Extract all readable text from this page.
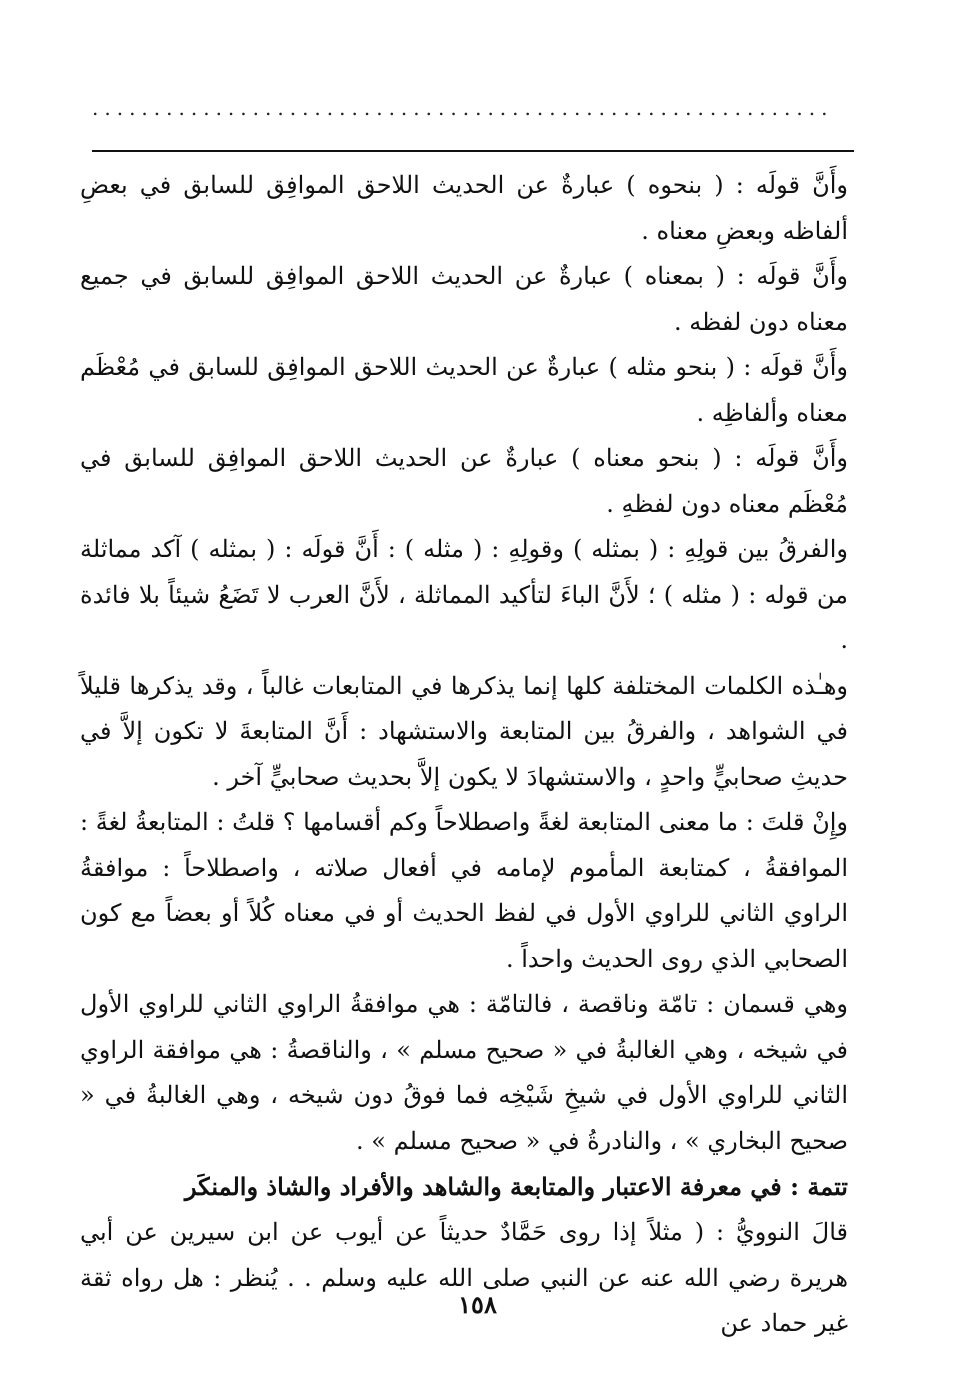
............................................................

وأَنَّ قولَه : ( بنحوه ) عبارةٌ عن الحديث اللاحق الموافِق للسابق في بعضِ ألفاظه وبعضِ معناه .

وأَنَّ قولَه : ( بمعناه ) عبارةٌ عن الحديث اللاحق الموافِق للسابق في جميع معناه دون لفظه .

وأَنَّ قولَه : ( بنحو مثله ) عبارةٌ عن الحديث اللاحق الموافِق للسابق في مُعْظَم معناه وألفاظِه .

وأَنَّ قولَه : ( بنحو معناه ) عبارةٌ عن الحديث اللاحق الموافِق للسابق في مُعْظَم معناه دون لفظهِ .

والفرقُ بين قولِهِ : ( بمثله ) وقولِهِ : ( مثله ) : أَنَّ قولَه : ( بمثله ) آكد مماثلة من قوله : ( مثله ) ؛ لأَنَّ الباءَ لتأكيد المماثلة ، لأَنَّ العرب لا تَضَعُ شيئاً بلا فائدة .

وهـٰذه الكلمات المختلفة كلها إنما يذكرها في المتابعات غالباً ، وقد يذكرها قليلاً في الشواهد ، والفرقُ بين المتابعة والاستشهاد : أَنَّ المتابعةَ لا تكون إلاَّ في حديثِ صحابيٍّ واحدٍ ، والاستشهادَ لا يكون إلاَّ بحديث صحابيٍّ آخر .

وإِنْ قلتَ : ما معنى المتابعة لغةً واصطلاحاً وكم أقسامها ؟ قلتُ : المتابعةُ لغةً : الموافقةُ ، كمتابعة المأموم لإمامه في أفعال صلاته ، واصطلاحاً : موافقةُ الراوي الثاني للراوي الأول في لفظ الحديث أو في معناه كُلاً أو بعضاً مع كون الصحابي الذي روى الحديث واحداً .

وهي قسمان : تامّة وناقصة ، فالتامّة : هي موافقةُ الراوي الثاني للراوي الأول في شيخه ، وهي الغالبةُ في « صحيح مسلم » ، والناقصةُ : هي موافقة الراوي الثاني للراوي الأول في شيخِ شَيْخِه فما فوقُ دون شيخه ، وهي الغالبةُ في « صحيح البخاري » ، والنادرةُ في « صحيح مسلم » .

تتمة : في معرفة الاعتبار والمتابعة والشاهد والأفراد والشاذ والمنكَر

قالَ النوويُّ : ( مثلاً إذا روى حَمَّادٌ حديثاً عن أيوب عن ابن سيرين عن أبي هريرة رضي الله عنه عن النبي صلى الله عليه وسلم . . يُنظر : هل رواه ثقة غير حماد عن

١٥٨
